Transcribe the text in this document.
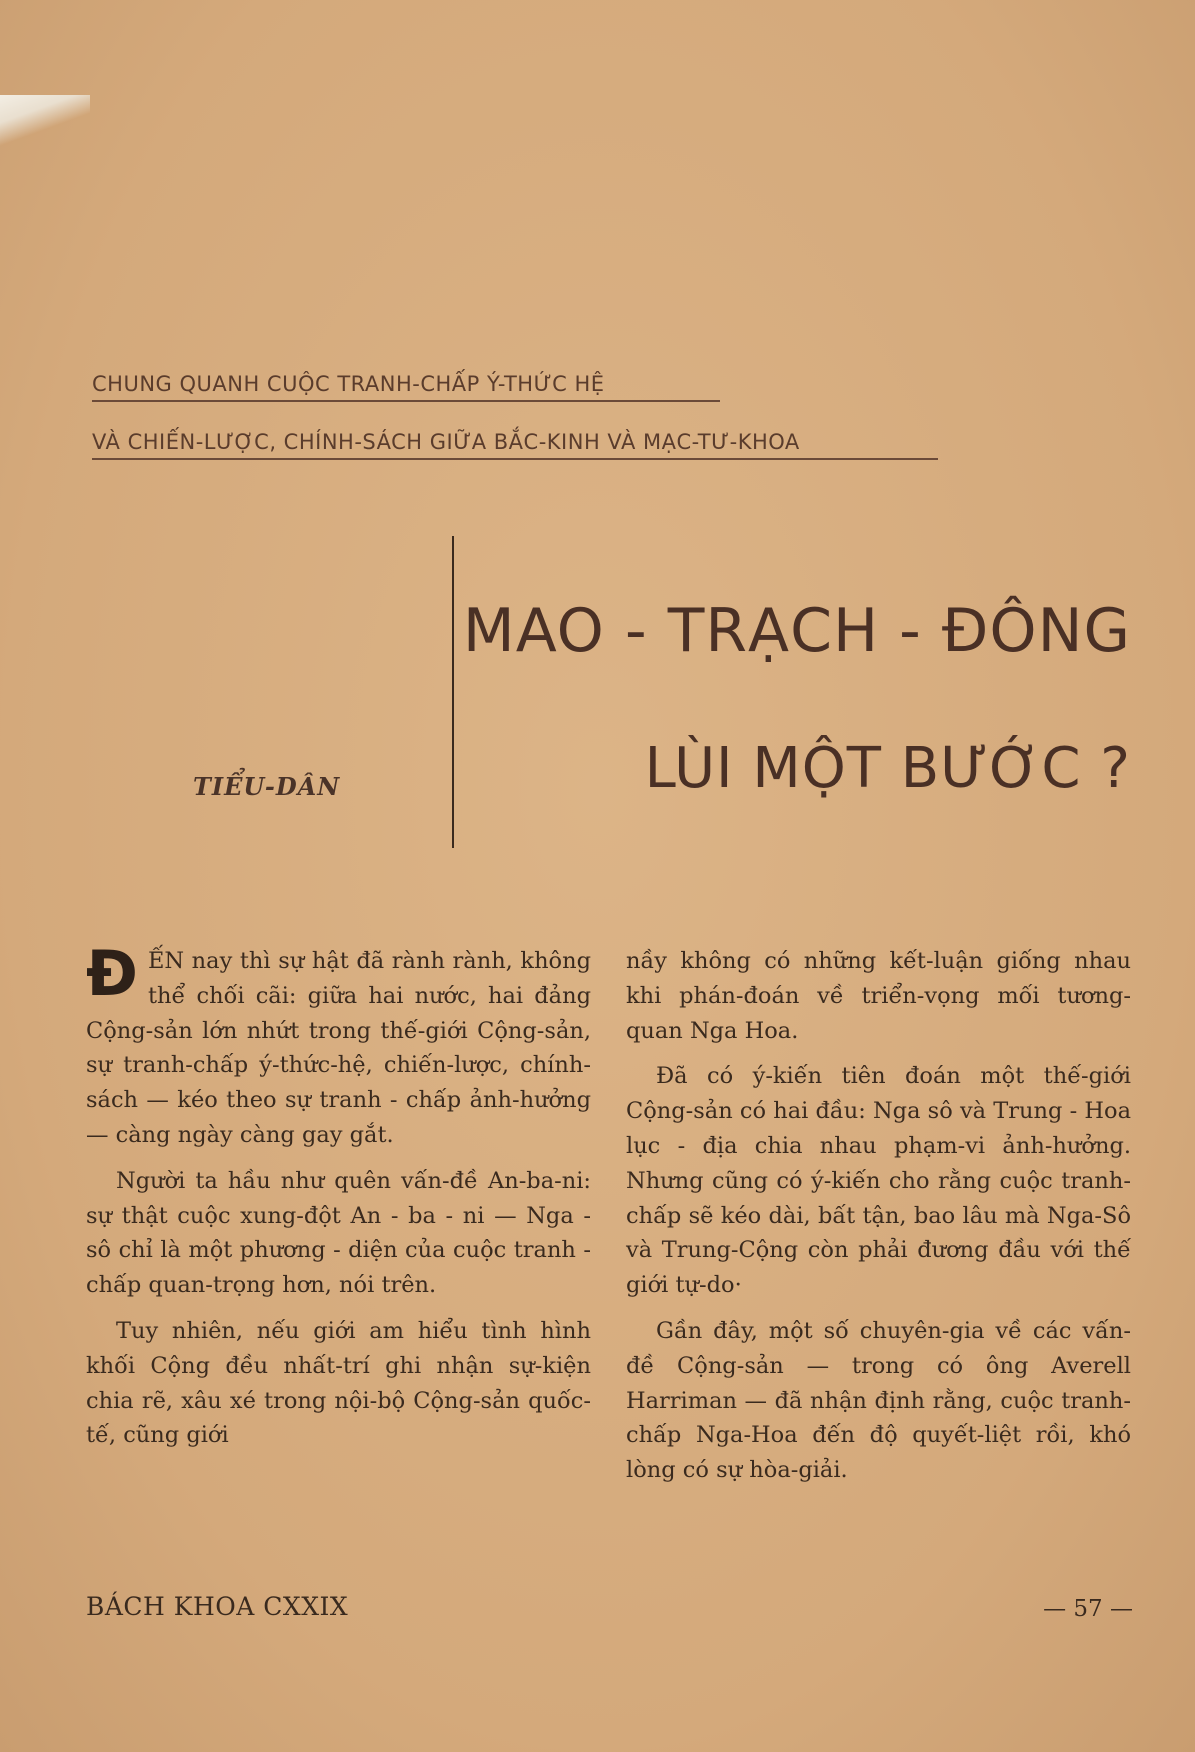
CHUNG QUANH CUỘC TRANH-CHẤP Ý-THỨC HỆ
VÀ CHIẾN-LƯỢC, CHÍNH-SÁCH GIỮA BẮC-KINH VÀ MẠC-TƯ-KHOA
TIỂU-DÂN
MAO - TRẠCH - ĐÔNG
LÙI MỘT BƯỚC ?

Đ ẾN nay thì sự hật đã rành rành, không thể chối cãi: giữa hai nước, hai đảng Cộng-sản lớn nhứt trong thế-giới Cộng-sản, sự tranh-chấp ý-thức-hệ, chiến-lược, chính-sách — kéo theo sự tranh - chấp ảnh-hưởng — càng ngày càng gay gắt.

Người ta hầu như quên vấn-đề An-ba-ni: sự thật cuộc xung-đột An - ba - ni — Nga - sô chỉ là một phương - diện của cuộc tranh - chấp quan-trọng hơn, nói trên.

Tuy nhiên, nếu giới am hiểu tình hình khối Cộng đều nhất-trí ghi nhận sự-kiện chia rẽ, xâu xé trong nội-bộ Cộng-sản quốc-tế, cũng giới

nầy không có những kết-luận giống nhau khi phán-đoán về triển-vọng mối tương-quan Nga Hoa.

Đã có ý-kiến tiên đoán một thế-giới Cộng-sản có hai đầu: Nga sô và Trung - Hoa lục - địa chia nhau phạm-vi ảnh-hưởng. Nhưng cũng có ý-kiến cho rằng cuộc tranh-chấp sẽ kéo dài, bất tận, bao lâu mà Nga-Sô và Trung-Cộng còn phải đương đầu với thế giới tự-do·

Gần đây, một số chuyên-gia về các vấn-đề Cộng-sản — trong có ông Averell Harriman — đã nhận định rằng, cuộc tranh-chấp Nga-Hoa đến độ quyết-liệt rồi, khó lòng có sự hòa-giải.

BÁCH KHOA CXXIX	— 57 —
